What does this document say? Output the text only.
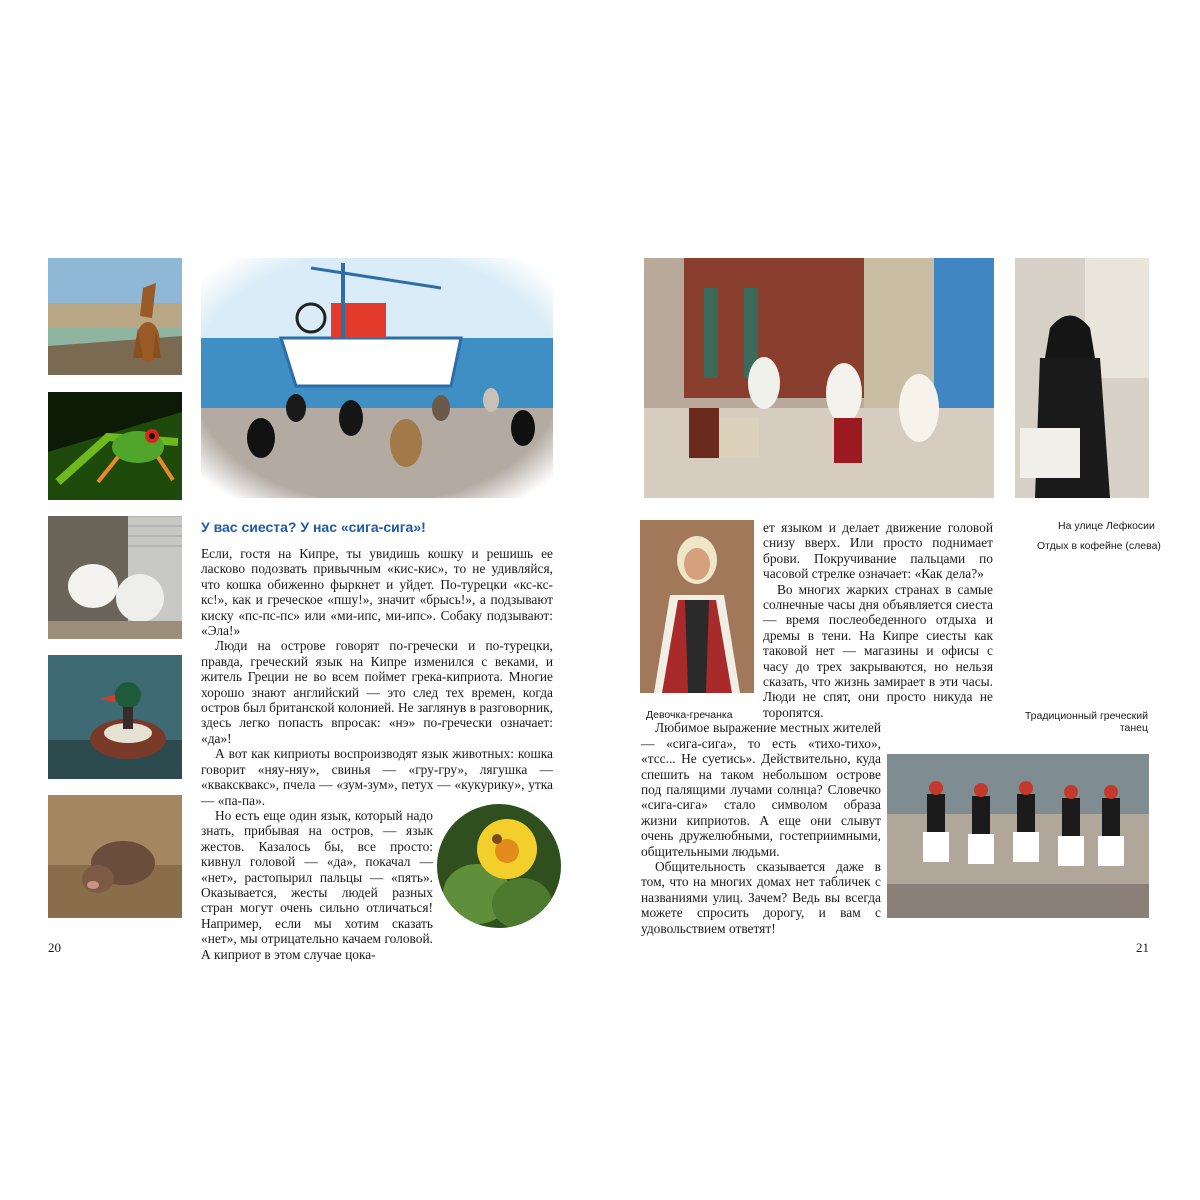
У вас сиеста? У нас «сига-сига»!

Если, гостя на Кипре, ты увидишь кошку и решишь ее ласково подозвать привычным «кис-кис», то не удивляйся, что кошка обиженно фыркнет и уйдет. По-турецки «кс-кс-кс!», как и греческое «пшу!», значит «брысь!», а подзывают киску «пс-пс-пс» или «ми-ипс, ми-ипс». Собаку подзывают: «Эла!»

Люди на острове говорят по-гречески и по-турецки, правда, греческий язык на Кипре изменился с веками, и житель Греции не во всем поймет грека-киприота. Многие хорошо знают английский — это след тех времен, когда остров был британской колонией. Не заглянув в разговорник, здесь легко попасть впросак: «нэ» по-гречески означает: «да»!

А вот как киприоты воспроизводят язык животных: кошка говорит «няу-няу», свинья — «гру-гру», лягушка — «кваксквакс», пчела — «зум-зум», петух — «кукурику», утка — «па-па».

Но есть еще один язык, который надо знать, прибывая на остров, — язык жестов. Казалось бы, все просто: кивнул головой — «да», покачал — «нет», растопырил пальцы — «пять». Оказывается, жесты людей разных стран могут очень сильно отличаться! Например, если мы хотим сказать «нет», мы отрицательно качаем головой. А киприот в этом случае цока-

20
На улице Лефкосии
Отдых в кофейне (слева)
Девочка-гречанка

ет языком и делает движение головой снизу вверх. Или просто поднимает брови. Покручивание пальцами по часовой стрелке означает: «Как дела?»

Во многих жарких странах в самые солнечные часы дня объявляется сиеста — время послеобеденного отдыха и дремы в тени. На Кипре сиесты как таковой нет — магазины и офисы с часу до трех закрываются, но нельзя сказать, что жизнь замирает в эти часы. Люди не спят, они просто никуда не торопятся.

Любимое выражение местных жителей — «сига-сига», то есть «тихо-тихо», «тсс... Не суетись». Действительно, куда спешить на таком небольшом острове под палящими лучами солнца? Словечко «сига-сига» стало символом образа жизни киприотов. А еще они слывут очень дружелюбными, гостеприимными, общительными людьми.

Общительность сказывается даже в том, что на многих домах нет табличек с названиями улиц. Зачем? Ведь вы всегда можете спросить дорогу, и вам с удовольствием ответят!

Традиционный греческий танец
21
